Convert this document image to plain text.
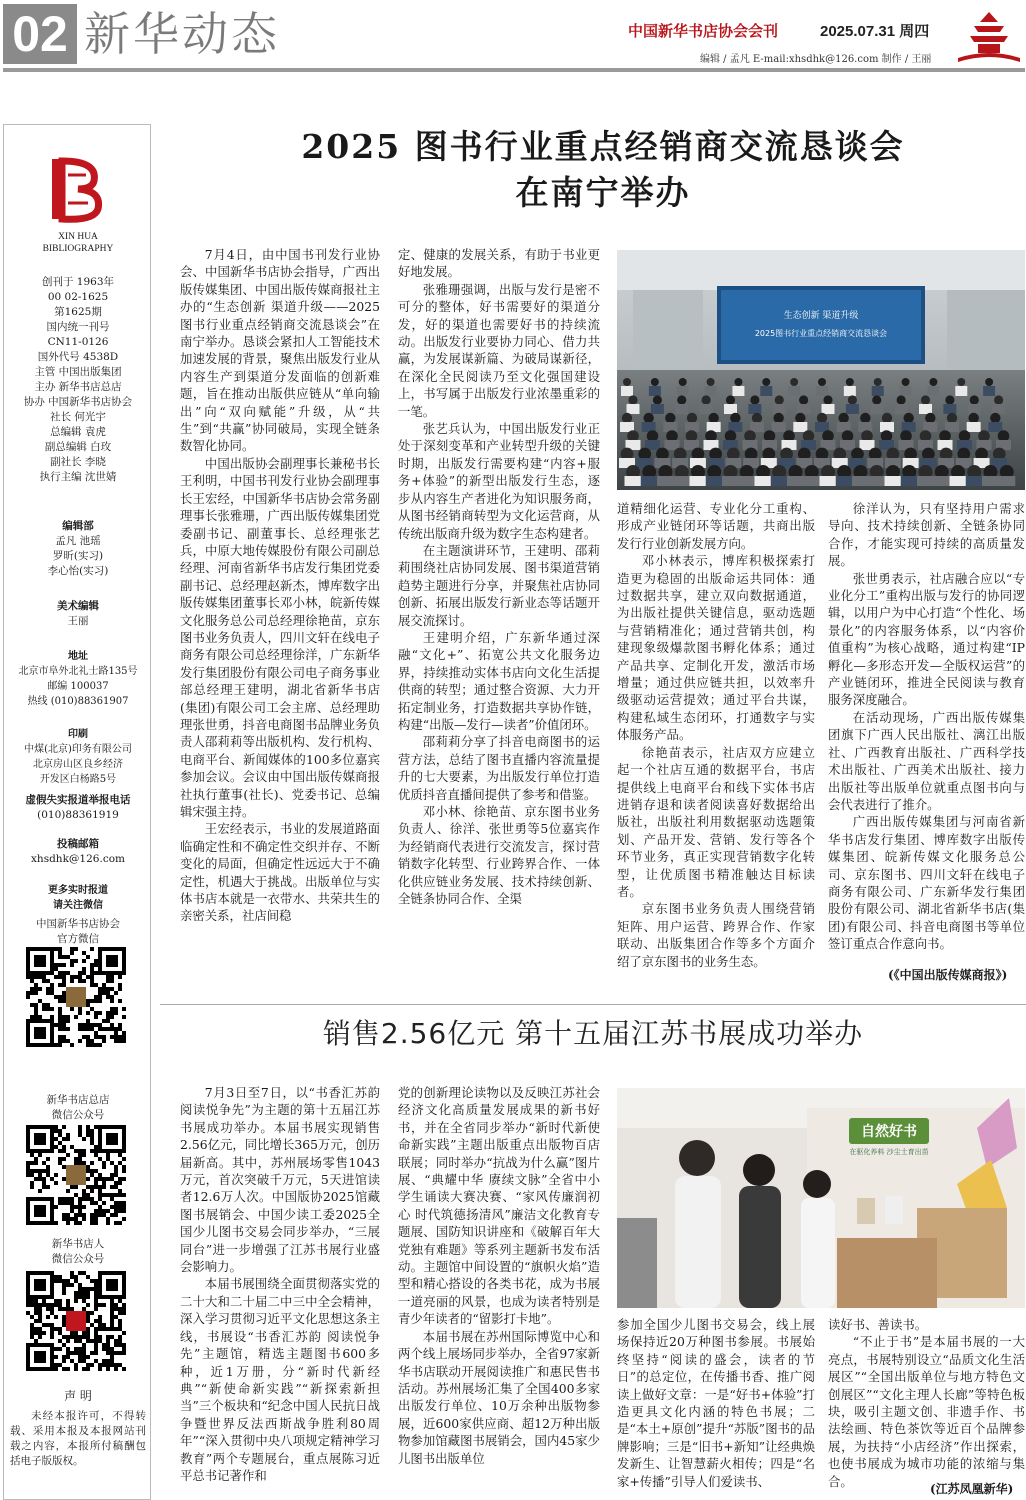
02 新华动态	中国新华书店协会会刊	2025.07.31 周四
编辑 / 孟凡 E-mail:xhsdhk@126.com 制作 / 王丽
XIN HUA
BIBLIOGRAPHY
创刊于 1963年
00 02-1625
第1625期
国内统一刊号
CN11-0126
国外代号 4538D
主管 中国出版集团
主办 新华书店总店
协办 中国新华书店协会
社长 何光宇
总编辑 袁虎
副总编辑 白玫
副社长 李晓
执行主编 沈世婧
编辑部
孟凡 池瑶
罗昕(实习)
李心怡(实习)
美术编辑
王丽
地址
北京市阜外北礼士路135号
邮编 100037
热线 (010)88361907
印刷
中煤(北京)印务有限公司
北京房山区良乡经济
开发区白杨路5号
虚假失实报道举报电话
(010)88361919
投稿邮箱
xhsdhk@126.com
更多实时报道
请关注微信
中国新华书店协会
官方微信
新华书店总店
微信公众号
新华书店人
微信公众号
声 明
未经本报许可，不得转载、采用本报及本报网站刊载之内容，本报所付稿酬包括电子版版权。
2025 图书行业重点经销商交流恳谈会
在南宁举办

7月4日，由中国书刊发行业协会、中国新华书店协会指导，广西出版传媒集团、中国出版传媒商报社主办的“生态创新 渠道升级——2025图书行业重点经销商交流恳谈会”在南宁举办。恳谈会紧扣人工智能技术加速发展的背景，聚焦出版发行业从内容生产到渠道分发面临的创新难题，旨在推动出版供应链从“单向输出”向“双向赋能”升级，从“共生”到“共赢”协同破局，实现全链条数智化协同。

中国出版协会副理事长兼秘书长王利明，中国书刊发行业协会副理事长王宏经，中国新华书店协会常务副理事长张雅珊，广西出版传媒集团党委副书记、副董事长、总经理张艺兵，中原大地传媒股份有限公司副总经理、河南省新华书店发行集团党委副书记、总经理赵新杰，博库数字出版传媒集团董事长邓小林，皖新传媒文化服务总公司总经理徐艳苗，京东图书业务负责人，四川文轩在线电子商务有限公司总经理徐洋，广东新华发行集团股份有限公司电子商务事业部总经理王建明，湖北省新华书店(集团)有限公司工会主席、总经理助理张世勇，抖音电商图书品牌业务负责人邵莉莉等出版机构、发行机构、电商平台、新闻媒体的100多位嘉宾参加会议。会议由中国出版传媒商报社执行董事(社长)、党委书记、总编辑宋强主持。

王宏经表示，书业的发展道路面临确定性和不确定性交织并存、不断变化的局面，但确定性远远大于不确定性，机遇大于挑战。出版单位与实体书店本就是一衣带水、共荣共生的亲密关系，社店间稳

定、健康的发展关系，有助于书业更好地发展。

张雅珊强调，出版与发行是密不可分的整体，好书需要好的渠道分发，好的渠道也需要好书的持续流动。出版发行业要协力同心、借力共赢，为发展谋新篇、为破局谋新径，在深化全民阅读乃至文化强国建设上，书写属于出版发行业浓墨重彩的一笔。

张艺兵认为，中国出版发行业正处于深刻变革和产业转型升级的关键时期，出版发行需要构建“内容+服务+体验”的新型出版发行生态，逐步从内容生产者进化为知识服务商，从图书经销商转型为文化运营商，从传统出版商升级为数字生态构建者。

在主题演讲环节，王建明、邵莉莉围绕社店协同发展、图书渠道营销趋势主题进行分享，并聚焦社店协同创新、拓展出版发行新业态等话题开展交流探讨。

王建明介绍，广东新华通过深融“文化+”、拓宽公共文化服务边界，持续推动实体书店向文化生活提供商的转型；通过整合资源、大力开拓定制业务，打造数据共享协作链，构建“出版—发行—读者”价值闭环。

邵莉莉分享了抖音电商图书的运营方法，总结了图书直播内容流量提升的七大要素，为出版发行单位打造优质抖音直播间提供了参考和借鉴。

邓小林、徐艳苗、京东图书业务负责人、徐洋、张世勇等5位嘉宾作为经销商代表进行交流发言，探讨营销数字化转型、行业跨界合作、一体化供应链业务发展、技术持续创新、全链条协同合作、全渠

生态创新 渠道升级
2025图书行业重点经销商交流恳谈会

道精细化运营、专业化分工重构、形成产业链闭环等话题，共商出版发行行业创新发展方向。

邓小林表示，博库积极探索打造更为稳固的出版命运共同体：通过数据共享，建立双向数据通道，为出版社提供关键信息，驱动选题与营销精准化；通过营销共创，构建现象级爆款图书孵化体系；通过产品共享、定制化开发，激活市场增量；通过供应链共担，以效率升级驱动运营提效；通过平台共谋，构建私域生态闭环，打通数字与实体服务产品。

徐艳苗表示，社店双方应建立起一个社店互通的数据平台，书店提供线上电商平台和线下实体书店进销存退和读者阅读喜好数据给出版社，出版社利用数据驱动选题策划、产品开发、营销、发行等各个环节业务，真正实现营销数字化转型，让优质图书精准触达目标读者。

京东图书业务负责人围绕营销矩阵、用户运营、跨界合作、作家联动、出版集团合作等多个方面介绍了京东图书的业务生态。

徐洋认为，只有坚持用户需求导向、技术持续创新、全链条协同合作，才能实现可持续的高质量发展。

张世勇表示，社店融合应以“专业化分工”重构出版与发行的协同逻辑，以用户为中心打造“个性化、场景化”的内容服务体系，以“内容价值重构”为核心战略，通过构建“IP孵化—多形态开发—全版权运营”的产业链闭环，推进全民阅读与教育服务深度融合。

在活动现场，广西出版传媒集团旗下广西人民出版社、漓江出版社、广西教育出版社、广西科学技术出版社、广西美术出版社、接力出版社等出版单位就重点图书向与会代表进行了推介。

广西出版传媒集团与河南省新华书店发行集团、博库数字出版传媒集团、皖新传媒文化服务总公司、京东图书、四川文轩在线电子商务有限公司、广东新华发行集团股份有限公司、湖北省新华书店(集团)有限公司、抖音电商图书等单位签订重点合作意向书。

(《中国出版传媒商报》)
销售2.56亿元 第十五届江苏书展成功举办

7月3日至7日，以“书香汇苏韵 阅读悦争先”为主题的第十五届江苏书展成功举办。本届书展实现销售2.56亿元，同比增长365万元，创历届新高。其中，苏州展场零售1043万元，首次突破千万元，5天进馆读者12.6万人次。中国版协2025馆藏图书展销会、中国少读工委2025全国少儿图书交易会同步举办，“三展同台”进一步增强了江苏书展行业盛会影响力。

本届书展围绕全面贯彻落实党的二十大和二十届二中三中全会精神，深入学习贯彻习近平文化思想这条主线，书展设“书香汇苏韵 阅读悦争先”主题馆，精选主题图书600多种，近1万册，分“新时代新经典”“新使命新实践”“新探索新担当”三个板块和“纪念中国人民抗日战争暨世界反法西斯战争胜利80周年”“深入贯彻中央八项规定精神学习教育”两个专题展台，重点展陈习近平总书记著作和

党的创新理论读物以及反映江苏社会经济文化高质量发展成果的新书好书，并在全省同步举办“新时代新使命新实践”主题出版重点出版物百店联展；同时举办“抗战为什么赢”图片展、“典耀中华 赓续文脉”全省中小学生诵读大赛决赛、“家风传廉润初心 时代筑德扬清风”廉洁文化教育专题展、国防知识讲座和《破解百年大党独有难题》等系列主题新书发布活动。主题馆中间设置的“旗帜火焰”造型和精心搭设的各类书花，成为书展一道亮丽的风景，也成为读者特别是青少年读者的“留影打卡地”。

本届书展在苏州国际博览中心和两个线上展场同步举办，全省97家新华书店联动开展阅读推广和惠民售书活动。苏州展场汇集了全国400多家出版发行单位、10万余种出版物参展，近600家供应商、超12万种出版物参加馆藏图书展销会，国内45家少儿图书出版单位

自然好书
在驱化养料 沙尘土育出苗

参加全国少儿图书交易会，线上展场保持近20万种图书参展。书展始终坚持“阅读的盛会，读者的节日”的总定位，在传播书香、推广阅读上做好文章：一是“好书+体验”打造更具文化内涵的特色书展；二是“本土+原创”提升“苏版”图书的品牌影响；三是“旧书+新知”让经典焕发新生、让智慧薪火相传；四是“名家+传播”引导人们爱读书、

读好书、善读书。

“不止于书”是本届书展的一大亮点，书展特别设立“品质文化生活展区”“全国出版单位与地方特色文创展区”“文化主理人长廊”等特色板块，吸引主题文创、非遗手作、书法绘画、特色茶饮等近百个品牌参展，为扶持“小店经济”作出探索，也使书展成为城市功能的浓缩与集合。

(江苏凤凰新华)
